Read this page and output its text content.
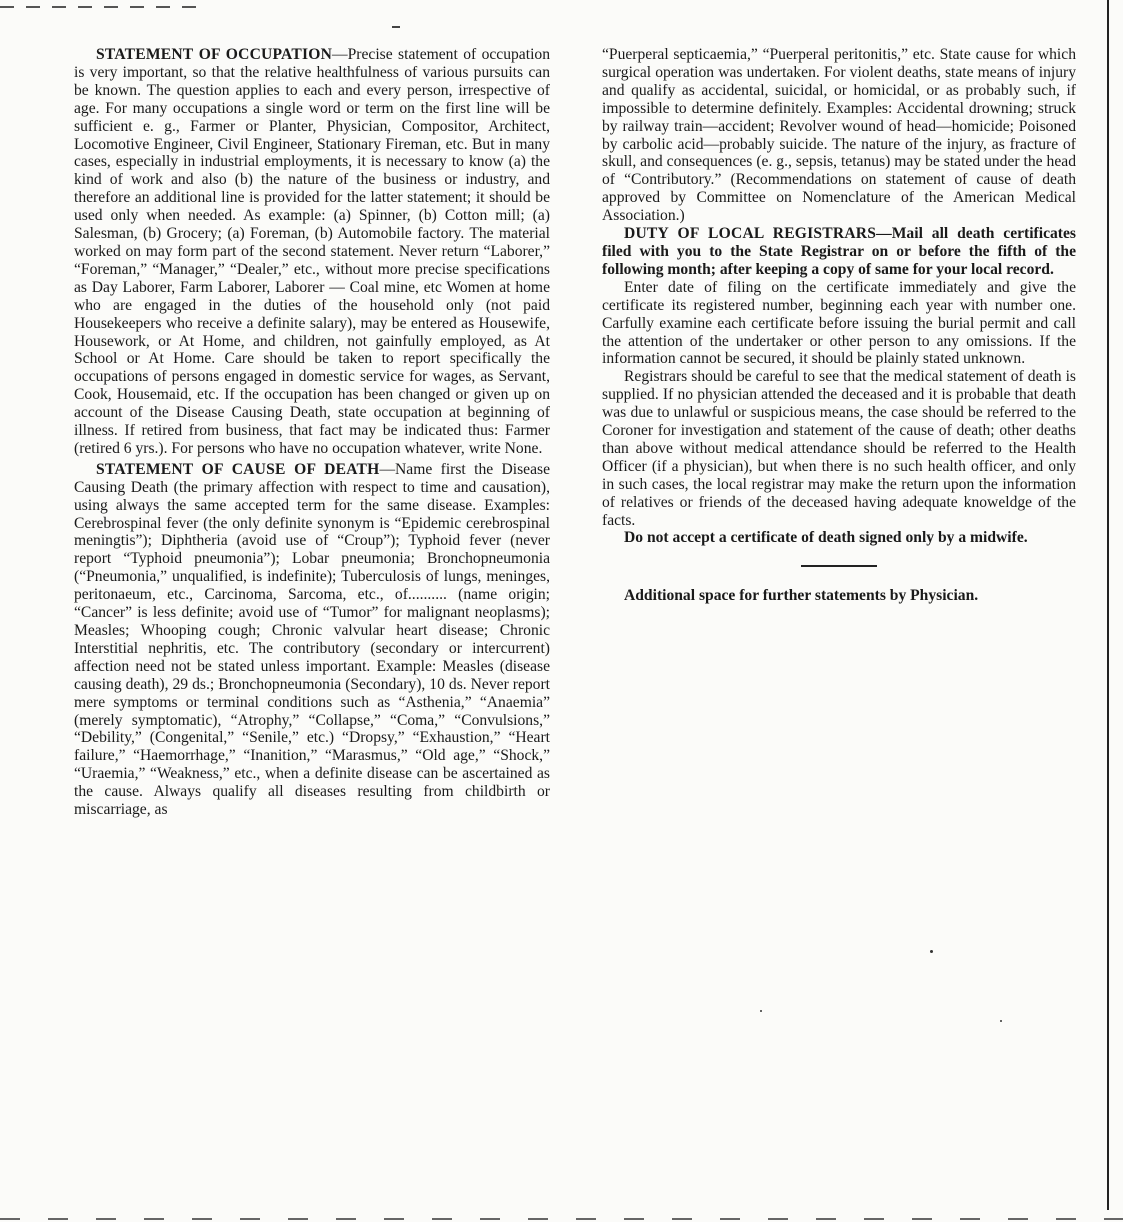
STATEMENT OF OCCUPATION—Precise statement of occupation is very important, so that the relative healthfulness of various pursuits can be known. The question applies to each and every person, irrespective of age. For many occupations a single word or term on the first line will be sufficient e. g., Farmer or Planter, Physician, Compositor, Architect, Locomotive Engineer, Civil Engineer, Stationary Fireman, etc. But in many cases, especially in industrial employments, it is necessary to know (a) the kind of work and also (b) the nature of the business or industry, and therefore an additional line is provided for the latter statement; it should be used only when needed. As example: (a) Spinner, (b) Cotton mill; (a) Salesman, (b) Grocery; (a) Foreman, (b) Automobile factory. The material worked on may form part of the second statement. Never return “Laborer,” “Foreman,” “Manager,” “Dealer,” etc., without more precise specifications as Day Laborer, Farm Laborer, Laborer — Coal mine, etc Women at home who are engaged in the duties of the household only (not paid Housekeepers who receive a definite salary), may be entered as Housewife, Housework, or At Home, and children, not gainfully employed, as At School or At Home. Care should be taken to report specifically the occupations of persons engaged in domestic service for wages, as Servant, Cook, Housemaid, etc. If the occupation has been changed or given up on account of the Disease Causing Death, state occupation at beginning of illness. If retired from business, that fact may be indicated thus: Farmer (retired 6 yrs.). For persons who have no occupation whatever, write None.

STATEMENT OF CAUSE OF DEATH—Name first the Disease Causing Death (the primary affection with respect to time and causation), using always the same accepted term for the same disease. Examples: Cerebrospinal fever (the only definite synonym is “Epidemic cerebrospinal meningtis”); Diphtheria (avoid use of “Croup”); Typhoid fever (never report “Typhoid pneumonia”); Lobar pneumonia; Bronchopneumonia (“Pneumonia,” unqualified, is indefinite); Tuberculosis of lungs, meninges, peritonaeum, etc., Carcinoma, Sarcoma, etc., of.......... (name origin; “Cancer” is less definite; avoid use of “Tumor” for malignant neoplasms); Measles; Whooping cough; Chronic valvular heart disease; Chronic Interstitial nephritis, etc. The contributory (secondary or intercurrent) affection need not be stated unless important. Example: Measles (disease causing death), 29 ds.; Bronchopneumonia (Secondary), 10 ds. Never report mere symptoms or terminal conditions such as “Asthenia,” “Anaemia” (merely symptomatic), “Atrophy,” “Collapse,” “Coma,” “Convulsions,” “Debility,” (Congenital,” “Senile,” etc.) “Dropsy,” “Exhaustion,” “Heart failure,” “Haemorrhage,” “Inanition,” “Marasmus,” “Old age,” “Shock,” “Uraemia,” “Weakness,” etc., when a definite disease can be ascertained as the cause. Always qualify all diseases resulting from childbirth or miscarriage, as

“Puerperal septicaemia,” “Puerperal peritonitis,” etc. State cause for which surgical operation was undertaken. For violent deaths, state means of injury and qualify as accidental, suicidal, or homicidal, or as probably such, if impossible to determine definitely. Examples: Accidental drowning; struck by railway train—accident; Revolver wound of head—homicide; Poisoned by carbolic acid—probably suicide. The nature of the injury, as fracture of skull, and consequences (e. g., sepsis, tetanus) may be stated under the head of “Contributory.” (Recommendations on statement of cause of death approved by Committee on Nomenclature of the American Medical Association.)

DUTY OF LOCAL REGISTRARS—Mail all death certificates filed with you to the State Registrar on or before the fifth of the following month; after keeping a copy of same for your local record.

Enter date of filing on the certificate immediately and give the certificate its registered number, beginning each year with number one. Carfully examine each certificate before issuing the burial permit and call the attention of the undertaker or other person to any omissions. If the information cannot be secured, it should be plainly stated unknown.

Registrars should be careful to see that the medical statement of death is supplied. If no physician attended the deceased and it is probable that death was due to unlawful or suspicious means, the case should be referred to the Coroner for investigation and statement of the cause of death; other deaths than above without medical attendance should be referred to the Health Officer (if a physician), but when there is no such health officer, and only in such cases, the local registrar may make the return upon the information of relatives or friends of the deceased having adequate knoweldge of the facts.

Do not accept a certificate of death signed only by a midwife.

Additional space for further statements by Physician.
